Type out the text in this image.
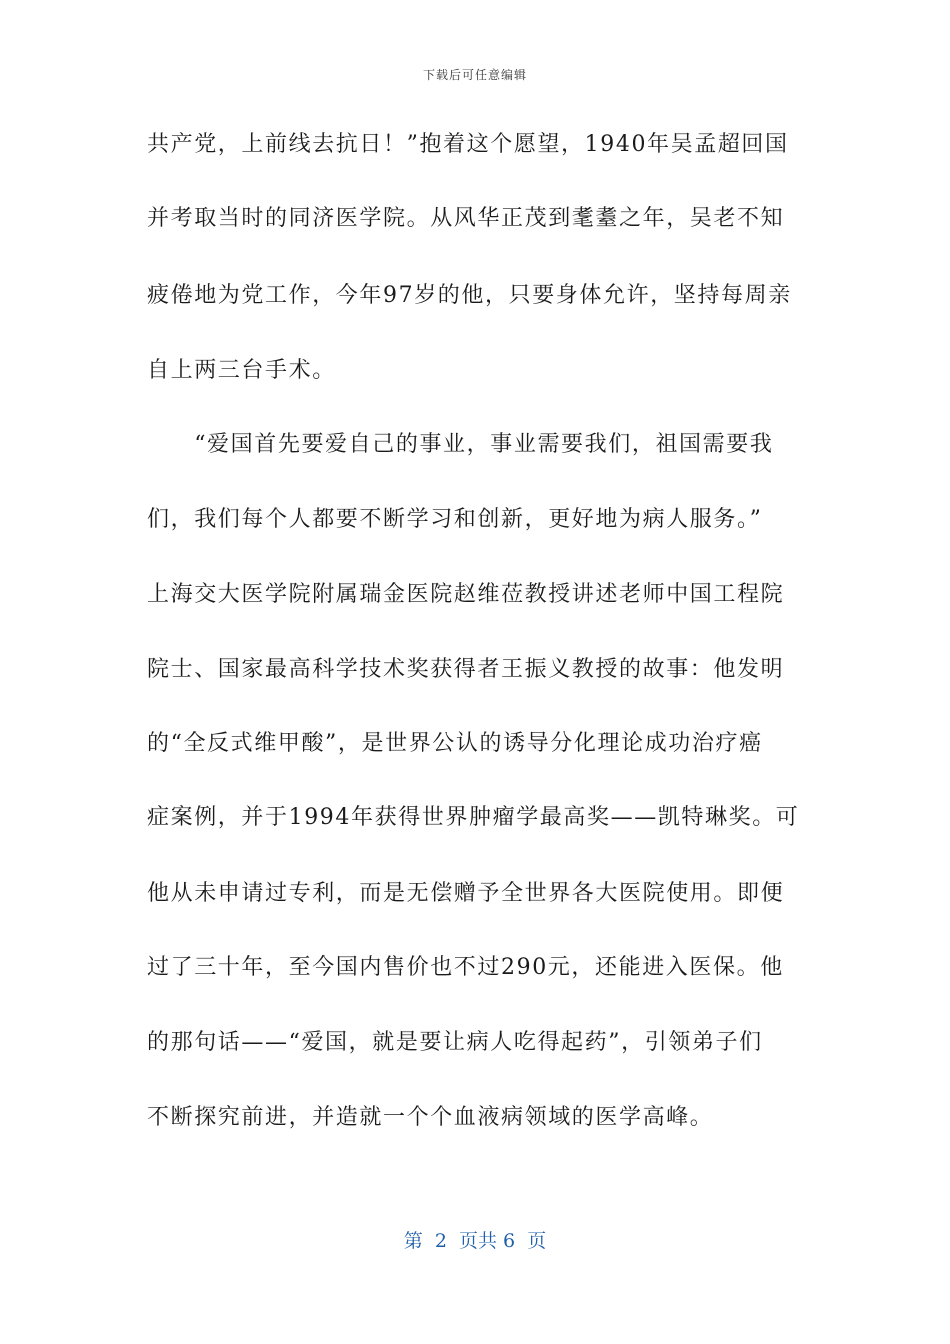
下载后可任意编辑
共产党，上前线去抗日！”抱着这个愿望，1940年吴孟超回国
并考取当时的同济医学院。从风华正茂到耄耋之年，吴老不知
疲倦地为党工作，今年97岁的他，只要身体允许，坚持每周亲
自上两三台手术。
　　“爱国首先要爱自己的事业，事业需要我们，祖国需要我
们，我们每个人都要不断学习和创新，更好地为病人服务。”
上海交大医学院附属瑞金医院赵维莅教授讲述老师中国工程院
院士、国家最高科学技术奖获得者王振义教授的故事：他发明
的“全反式维甲酸”，是世界公认的诱导分化理论成功治疗癌
症案例，并于1994年获得世界肿瘤学最高奖——凯特琳奖。可
他从未申请过专利，而是无偿赠予全世界各大医院使用。即便
过了三十年，至今国内售价也不过290元，还能进入医保。他
的那句话——“爱国，就是要让病人吃得起药”，引领弟子们
不断探究前进，并造就一个个血液病领域的医学高峰。
第  2  页共 6  页
